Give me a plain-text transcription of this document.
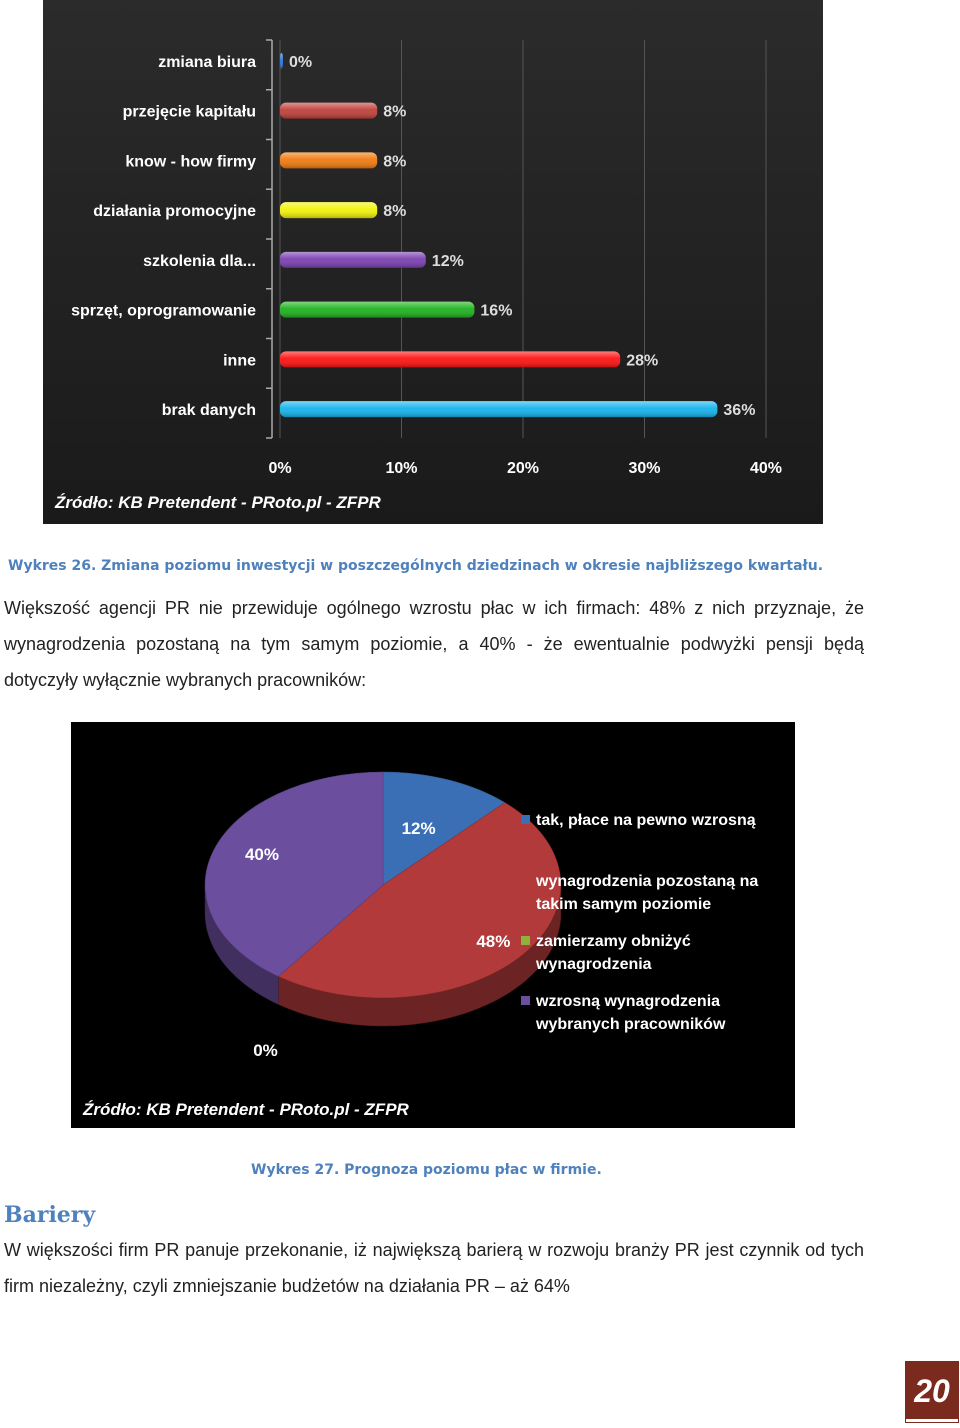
0%	10%	20%	30%	40%
zmiana biura 0%
przejęcie kapitału	8%
know - how firmy	8%
działania promocyjne	8%
szkolenia dla...	12%
sprzęt, oprogramowanie	16%
inne	28%
brak danych	36%
Źródło: KB Pretendent - PRoto.pl - ZFPR
Wykres 26. Zmiana poziomu inwestycji w poszczególnych dziedzinach w okresie najbliższego kwartału.

Większość agencji PR nie przewiduje ogólnego wzrostu płac w ich firmach: 48% z nich przyznaje, że wynagrodzenia pozostaną na tym samym poziomie, a 40% - że ewentualnie podwyżki pensji będą dotyczyły wyłącznie wybranych pracowników:

12%
48%
0%
40%
tak, płace na pewno wzrosną
wynagrodzenia pozostaną na
takim samym poziomie
zamierzamy obniżyć
wynagrodzenia
wzrosną wynagrodzenia
wybranych pracowników
Źródło: KB Pretendent - PRoto.pl - ZFPR
Wykres 27. Prognoza poziomu płac w firmie.
Bariery

W większości firm PR panuje przekonanie, iż największą barierą w rozwoju branży PR jest czynnik od tych firm niezależny, czyli zmniejszanie budżetów na działania PR – aż 64%

20
